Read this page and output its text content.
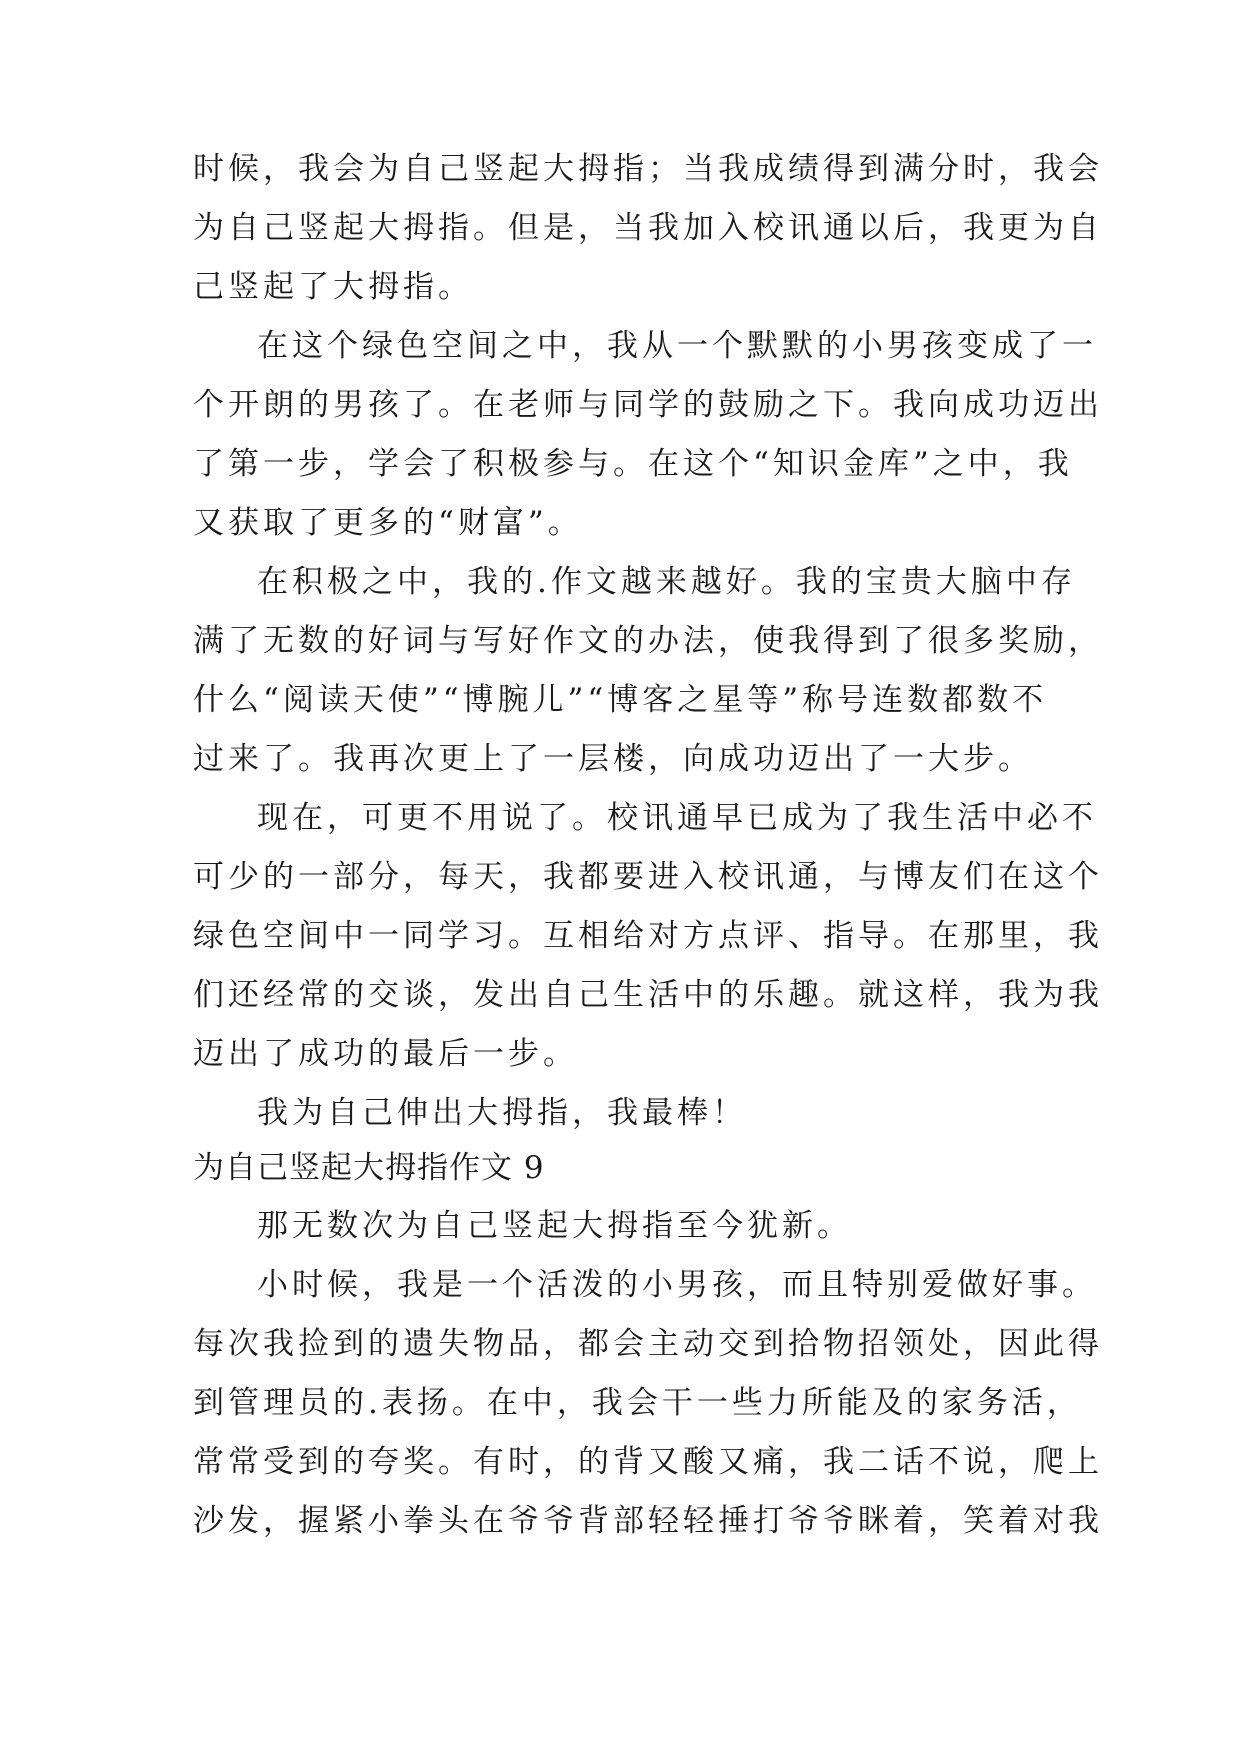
时候，我会为自己竖起大拇指；当我成绩得到满分时，我会
为自己竖起大拇指。但是，当我加入校讯通以后，我更为自
己竖起了大拇指。
在这个绿色空间之中，我从一个默默的小男孩变成了一
个开朗的男孩了。在老师与同学的鼓励之下。我向成功迈出
了第一步，学会了积极参与。在这个“知识金库”之中，我
又获取了更多的“财富”。
在积极之中，我的.作文越来越好。我的宝贵大脑中存
满了无数的好词与写好作文的办法，使我得到了很多奖励，
什么“阅读天使”“博腕儿”“博客之星等”称号连数都数不
过来了。我再次更上了一层楼，向成功迈出了一大步。
现在，可更不用说了。校讯通早已成为了我生活中必不
可少的一部分，每天，我都要进入校讯通，与博友们在这个
绿色空间中一同学习。互相给对方点评、指导。在那里，我
们还经常的交谈，发出自己生活中的乐趣。就这样，我为我
迈出了成功的最后一步。
我为自己伸出大拇指，我最棒！
为自己竖起大拇指作文 9
那无数次为自己竖起大拇指至今犹新。
小时候，我是一个活泼的小男孩，而且特别爱做好事。
每次我捡到的遗失物品，都会主动交到拾物招领处，因此得
到管理员的.表扬。在中，我会干一些力所能及的家务活，
常常受到的夸奖。有时，的背又酸又痛，我二话不说，爬上
沙发，握紧小拳头在爷爷背部轻轻捶打爷爷眯着，笑着对我
